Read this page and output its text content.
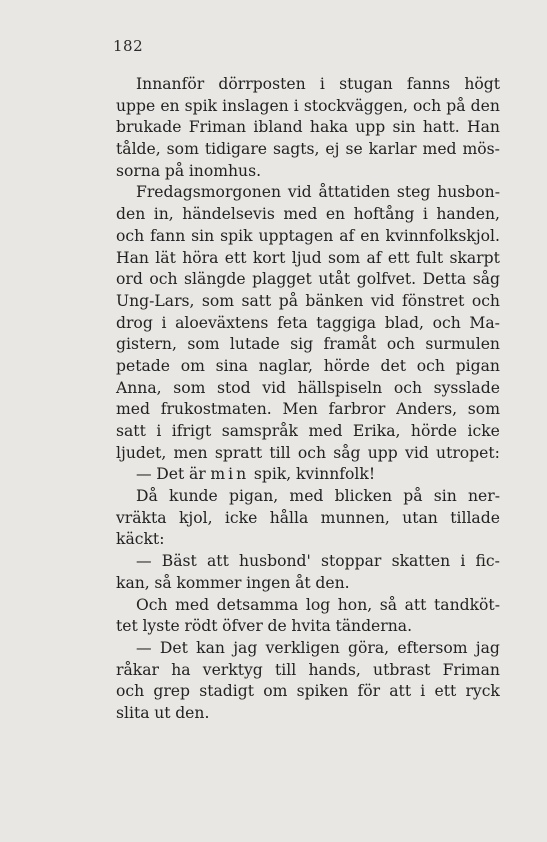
182
Innanför dörrposten i stugan fanns högt
uppe en spik inslagen i stockväggen, och på den
brukade Friman ibland haka upp sin hatt. Han
tålde, som tidigare sagts, ej se karlar med mös-
sorna på inomhus.
Fredagsmorgonen vid åttatiden steg husbon-
den in, händelsevis med en hoftång i handen,
och fann sin spik upptagen af en kvinnfolkskjol.
Han lät höra ett kort ljud som af ett fult skarpt
ord och slängde plagget utåt golfvet. Detta såg
Ung-Lars, som satt på bänken vid fönstret och
drog i aloeväxtens feta taggiga blad, och Ma-
gistern, som lutade sig framåt och surmulen
petade om sina naglar, hörde det och pigan
Anna, som stod vid hällspiseln och sysslade
med frukostmaten. Men farbror Anders, som
satt i ifrigt samspråk med Erika, hörde icke
ljudet, men spratt till och såg upp vid utropet:
— Det är min spik, kvinnfolk!
Då kunde pigan, med blicken på sin ner-
vräkta kjol, icke hålla munnen, utan tillade
käckt:
— Bäst att husbond' stoppar skatten i fic-
kan, så kommer ingen åt den.
Och med detsamma log hon, så att tandköt-
tet lyste rödt öfver de hvita tänderna.
— Det kan jag verkligen göra, eftersom jag
råkar ha verktyg till hands, utbrast Friman
och grep stadigt om spiken för att i ett ryck
slita ut den.
